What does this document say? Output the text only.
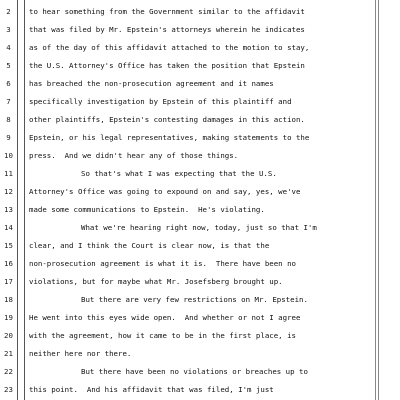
2	to hear something from the Government similar to the affidavit
3	that was filed by Mr. Epstein's attorneys wherein he indicates
4	as of the day of this affidavit attached to the motion to stay,
5	the U.S. Attorney's Office has taken the position that Epstein
6	has breached the non-prosecution agreement and it names
7	specifically investigation by Epstein of this plaintiff and
8	other plaintiffs, Epstein's contesting damages in this action.
9	Epstein, or his legal representatives, making statements to the
10	press.  And we didn't hear any of those things.
11	So that's what I was expecting that the U.S.
12	Attorney's Office was going to expound on and say, yes, we've
13	made some communications to Epstein.  He's violating.
14	What we're hearing right now, today, just so that I'm
15	clear, and I think the Court is clear now, is that the
16	non-prosecution agreement is what it is.  There have been no
17	violations, but for maybe what Mr. Josefsberg brought up.
18	But there are very few restrictions on Mr. Epstein.
19	He went into this eyes wide open.  And whether or not I agree
20	with the agreement, how it came to be in the first place, is
21	neither here nor there.
22	But there have been no violations or breaches up to
23	this point.  And his affidavit that was filed, I'm just
